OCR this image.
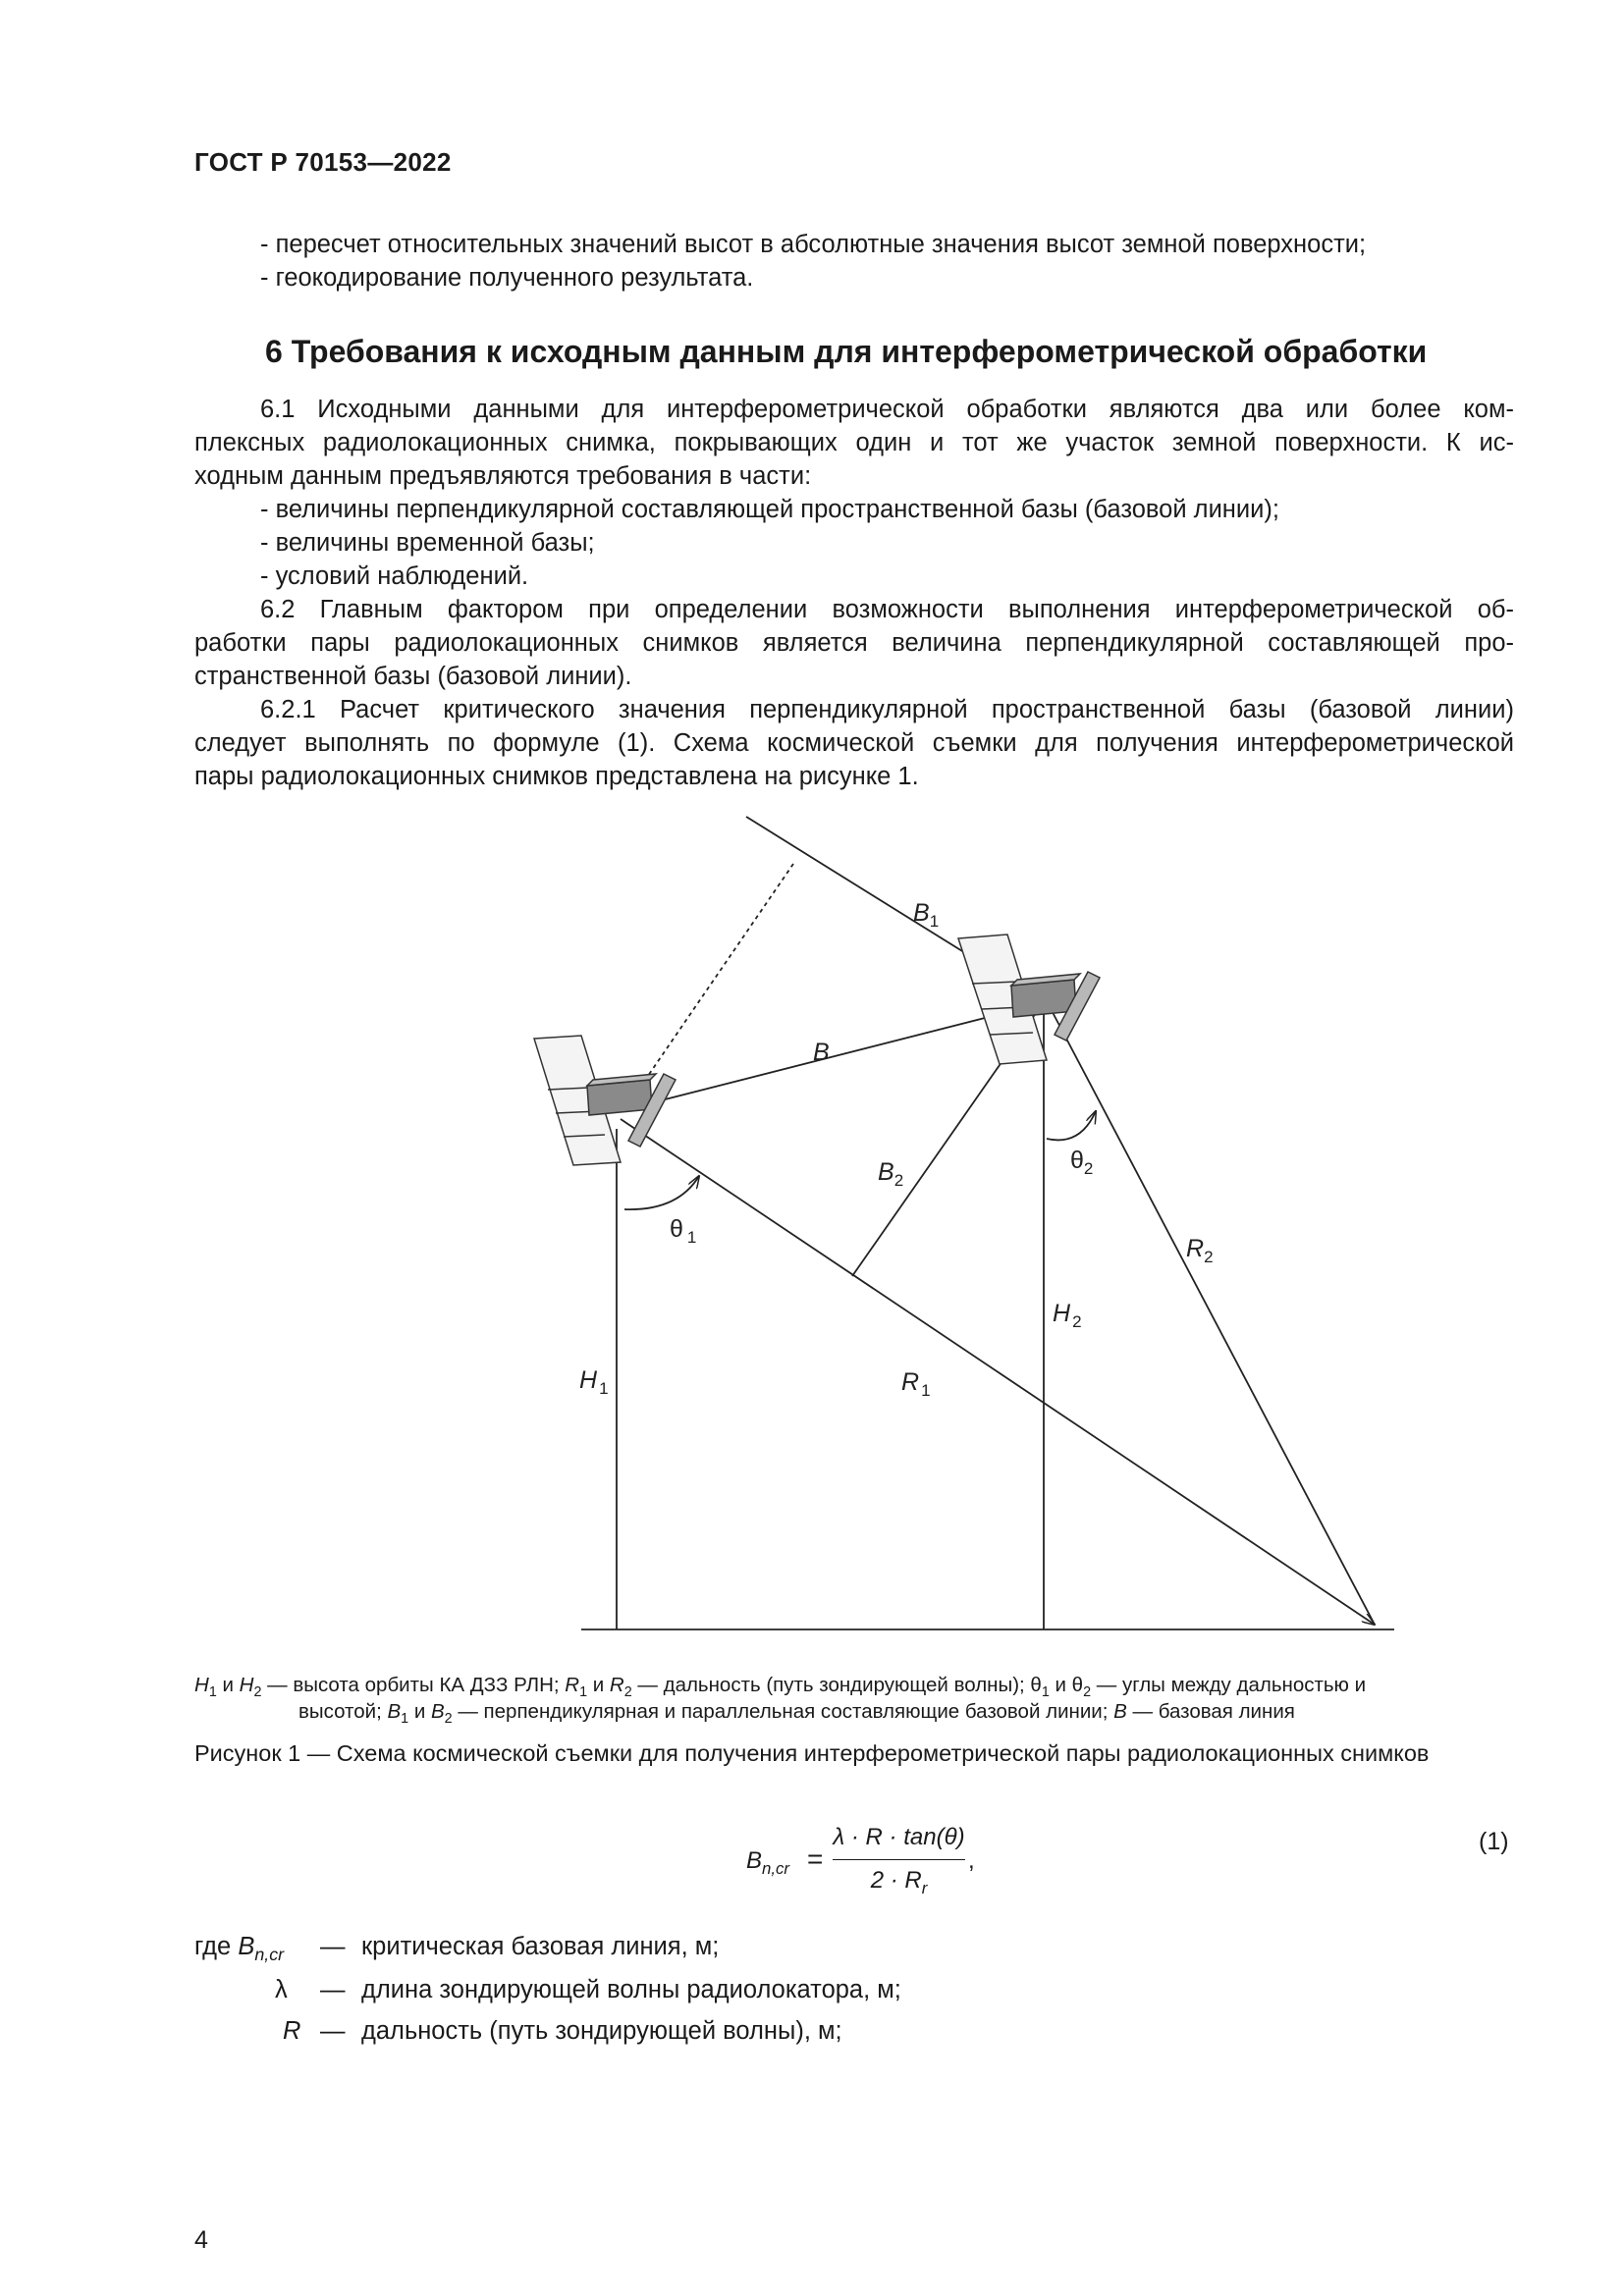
ГОСТ Р 70153—2022
- пересчет относительных значений высот в абсолютные значения высот земной поверхности;
- геокодирование полученного результата.
6 Требования к исходным данным для интерферометрической обработки
6.1 Исходными данными для интерферометрической обработки являются два или более ком-
плексных радиолокационных снимка, покрывающих один и тот же участок земной поверхности. К ис-
ходным данным предъявляются требования в части:
- величины перпендикулярной составляющей пространственной базы (базовой линии);
- величины временной базы;
- условий наблюдений.
6.2 Главным фактором при определении возможности выполнения интерферометрической об-
работки пары радиолокационных снимков является величина перпендикулярной составляющей про-
странственной базы (базовой линии).
6.2.1 Расчет критического значения перпендикулярной пространственной базы (базовой линии)
следует выполнять по формуле (1). Схема космической съемки для получения интерферометрической
пары радиолокационных снимков представлена на рисунке 1.
$B_1$
B
$B_2$
θ $_1$
$\theta_2$
R $_1$
$R_2$
H $_1$
H $_2$
$H_1$ и $H_2$ — высота орбиты КА ДЗЗ РЛН; $R_1$ и $R_2$ — дальность (путь зондирующей волны); $\theta_1$ и $\theta_2$ — углы между дальностью и
высотой; $B_1$ и $B_2$ — перпендикулярная и параллельная составляющие базовой линии; B — базовая линия
Рисунок 1 — Схема космической съемки для получения интерферометрической пары радиолокационных снимков
$B_{n,cr}$ =
λ · R · tan(θ)
$2 \cdot R_r$
,
(1)
где $B_{n,cr}$ — критическая базовая линия, м;
λ — длина зондирующей волны радиолокатора, м;
R — дальность (путь зондирующей волны), м;
4
